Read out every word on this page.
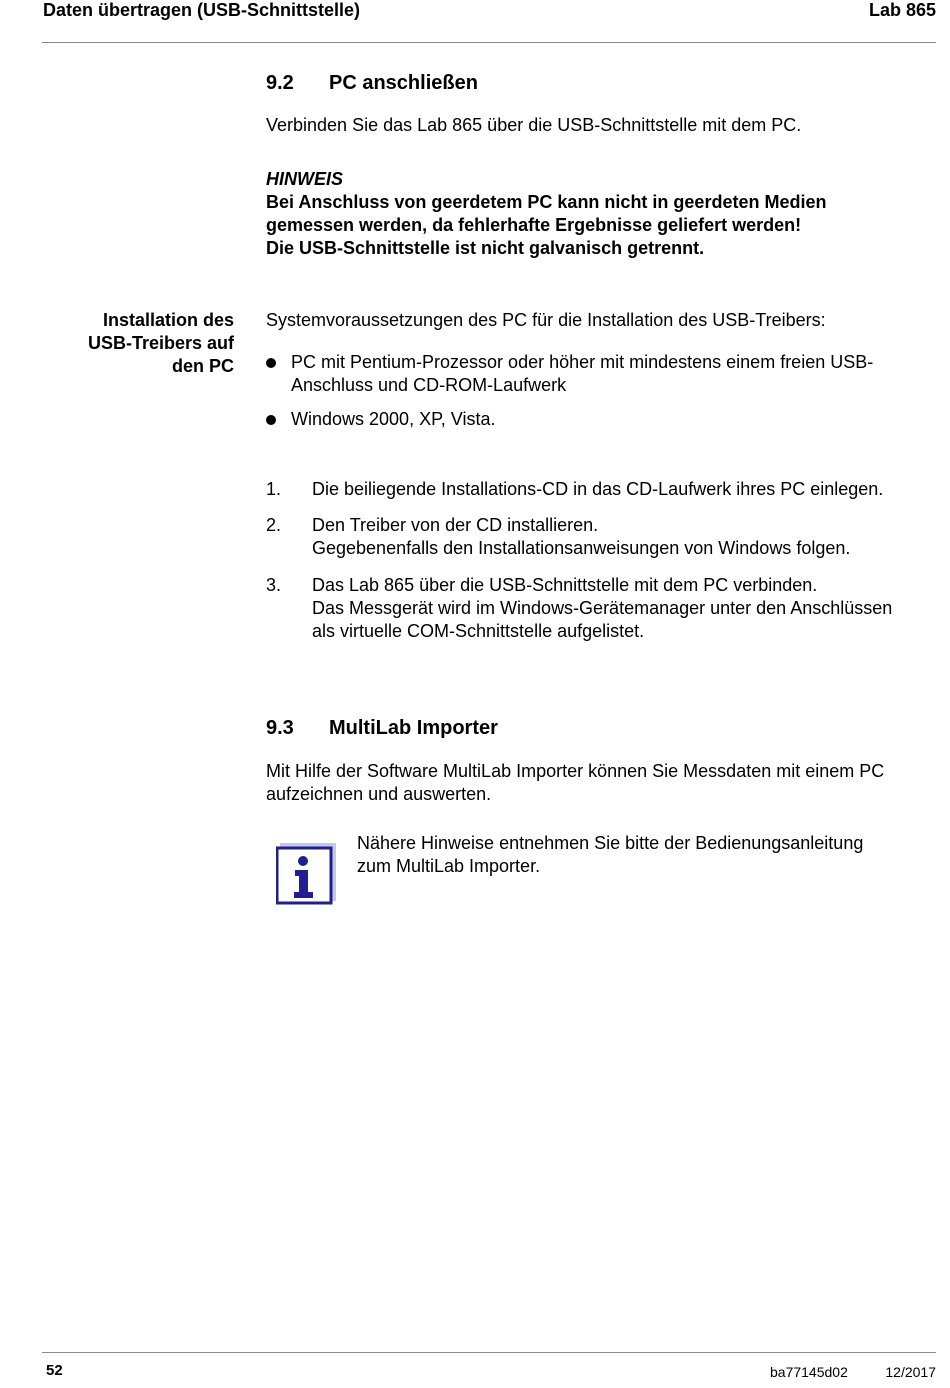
Daten übertragen (USB-Schnittstelle)	Lab 865
9.2 PC anschließen
Verbinden Sie das Lab 865 über die USB-Schnittstelle mit dem PC.
HINWEIS
Bei Anschluss von geerdetem PC kann nicht in geerdeten Medien
gemessen werden, da fehlerhafte Ergebnisse geliefert werden!
Die USB-Schnittstelle ist nicht galvanisch getrennt.
Installation des
USB-Treibers auf
den PC
Systemvoraussetzungen des PC für die Installation des USB-Treibers:
PC mit Pentium-Prozessor oder höher mit mindestens einem freien USB-
Anschluss und CD-ROM-Laufwerk
Windows 2000, XP, Vista.
1. Die beiliegende Installations-CD in das CD-Laufwerk ihres PC einlegen.
2. Den Treiber von der CD installieren.
Gegebenenfalls den Installationsanweisungen von Windows folgen.
3. Das Lab 865 über die USB-Schnittstelle mit dem PC verbinden.
Das Messgerät wird im Windows-Gerätemanager unter den Anschlüssen
als virtuelle COM-Schnittstelle aufgelistet.
9.3 MultiLab Importer
Mit Hilfe der Software MultiLab Importer können Sie Messdaten mit einem PC
aufzeichnen und auswerten.
Nähere Hinweise entnehmen Sie bitte der Bedienungsanleitung
zum MultiLab Importer.
52	ba77145d02	12/2017
